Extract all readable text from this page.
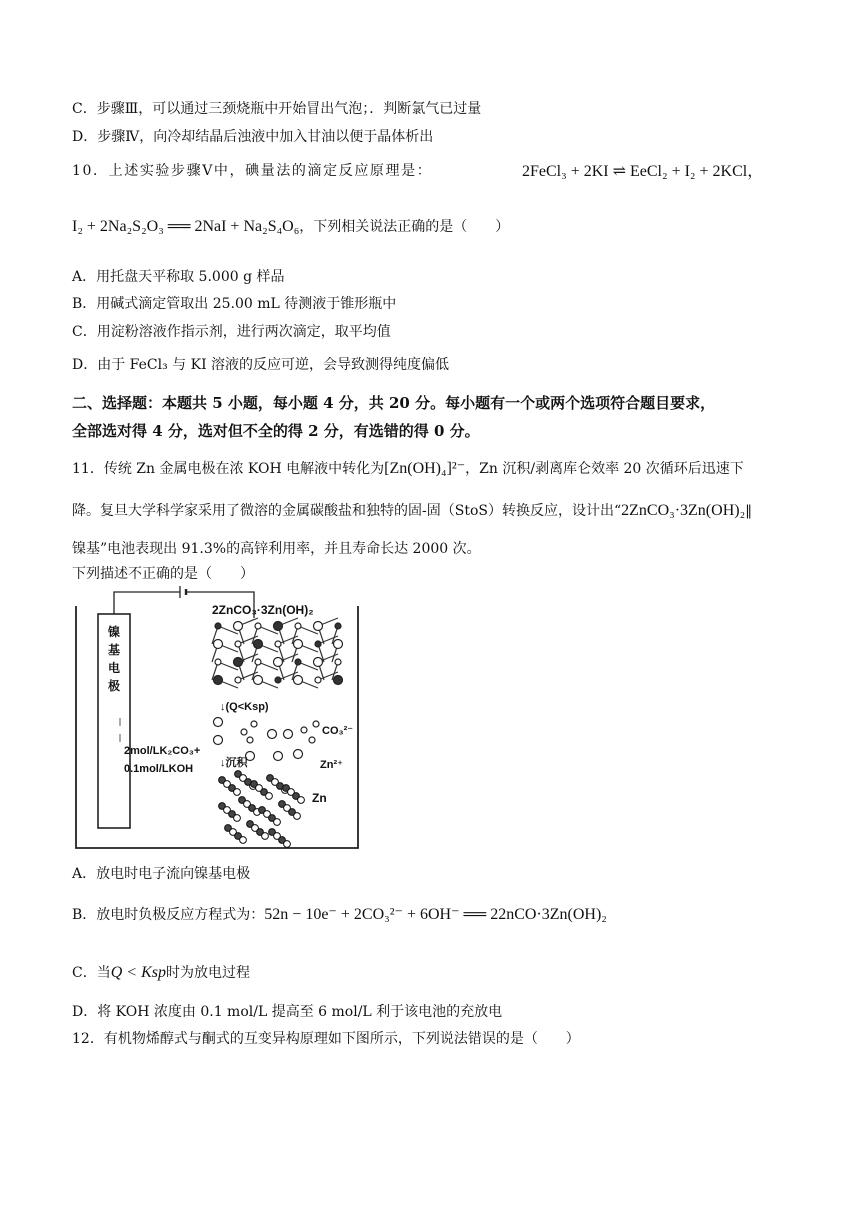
C．步骤Ⅲ，可以通过三颈烧瓶中开始冒出气泡；．判断氯气已过量
D．步骤Ⅳ，向冷却结晶后浊液中加入甘油以便于晶体析出
10．上述实验步骤Ⅴ中，碘量法的滴定反应原理是：	2FeCl₃ + 2KI ⇌ EeCl₂ + I₂ + 2KCl，
I₂ + 2Na₂S₂O₃ ══ 2NaI + Na₂S₄O₆，下列相关说法正确的是（　　）
A．用托盘天平称取 5.000 g 样品
B．用碱式滴定管取出 25.00 mL 待测液于锥形瓶中
C．用淀粉溶液作指示剂，进行两次滴定，取平均值
D．由于 FeCl₃ 与 KI 溶液的反应可逆，会导致测得纯度偏低
二、选择题：本题共 5 小题，每小题 4 分，共 20 分。每小题有一个或两个选项符合题目要求，
全部选对得 4 分，选对但不全的得 2 分，有选错的得 0 分。
11．传统 Zn 金属电极在浓 KOH 电解液中转化为[Zn(OH)₄]²⁻，Zn 沉积/剥离库仑效率 20 次循环后迅速下
降。复旦大学科学家采用了微溶的金属碳酸盐和独特的固-固（StoS）转换反应，设计出“2ZnCO₃·3Zn(OH)₂‖
镍基”电池表现出 91.3%的高锌利用率，并且寿命长达 2000 次。
下列描述不正确的是（　　）
镍
基
电
极
2ZnCO₃·3Zn(OH)₂
↓(Q<Ksp)
CO₃²⁻
Zn²⁺
2mol/LK₂CO₃+
0.1mol/LKOH ↓沉积
Zn
A．放电时电子流向镍基电极
B．放电时负极反应方程式为：52n − 10e⁻ + 2CO₃²⁻ + 6OH⁻ ══ 22nCO·3Zn(OH)₂
C．当Q < Ksp时为放电过程
D．将 KOH 浓度由 0.1 mol/L 提高至 6 mol/L 利于该电池的充放电
12．有机物烯醇式与酮式的互变异构原理如下图所示，下列说法错误的是（　　）
